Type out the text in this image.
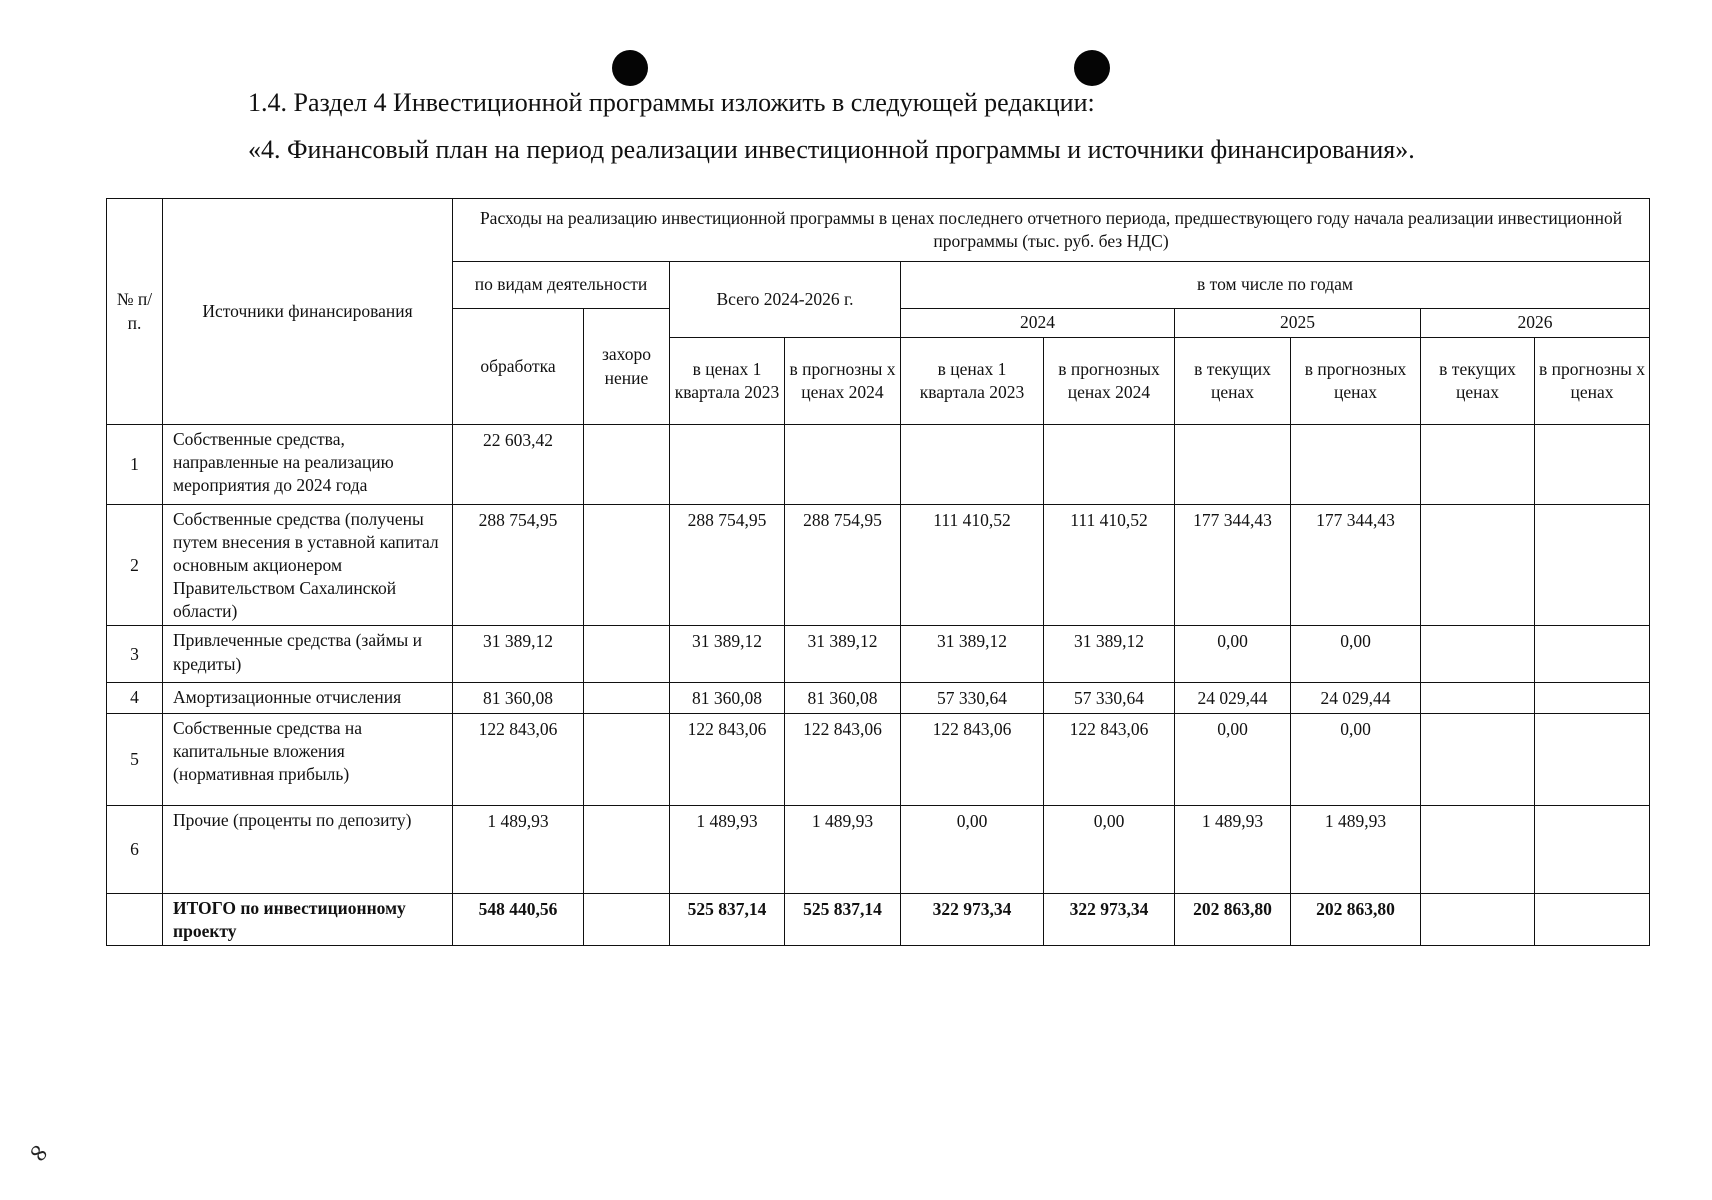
1.4. Раздел 4 Инвестиционной программы изложить в следующей редакции:

«4. Финансовый план на период реализации инвестиционной программы и источники финансирования».

№ п/п.	Источники финансирования	Расходы на реализацию инвестиционной программы в ценах последнего отчетного периода, предшествующего году начала реализации инвестиционной программы (тыс. руб. без НДС)									
		по видам деятельности		Всего 2024-2026 г.		в том числе по годам					
		обработка	захоро нение			2024		2025		2026	
				в ценах 1 квартала 2023	в прогнозны х ценах 2024	в ценах 1 квартала 2023	в прогнозных ценах 2024	в текущих ценах	в прогнозных ценах	в текущих ценах	в прогнозны х ценах
1	Собственные средства, направленные на реализацию мероприятия до 2024 года	22 603,42									
2	Собственные средства (получены путем внесения в уставной капитал основным акционером Правительством Сахалинской области)	288 754,95		288 754,95	288 754,95	111 410,52	111 410,52	177 344,43	177 344,43		
3	Привлеченные средства (займы и кредиты)	31 389,12		31 389,12	31 389,12	31 389,12	31 389,12	0,00	0,00		
4	Амортизационные отчисления	81 360,08		81 360,08	81 360,08	57 330,64	57 330,64	24 029,44	24 029,44		
5	Собственные средства на капитальные вложения (нормативная прибыль)	122 843,06		122 843,06	122 843,06	122 843,06	122 843,06	0,00	0,00		
6	Прочие (проценты по депозиту)	1 489,93		1 489,93	1 489,93	0,00	0,00	1 489,93	1 489,93		
	ИТОГО по инвестиционному проекту	548 440,56		525 837,14	525 837,14	322 973,34	322 973,34	202 863,80	202 863,80		
∞
